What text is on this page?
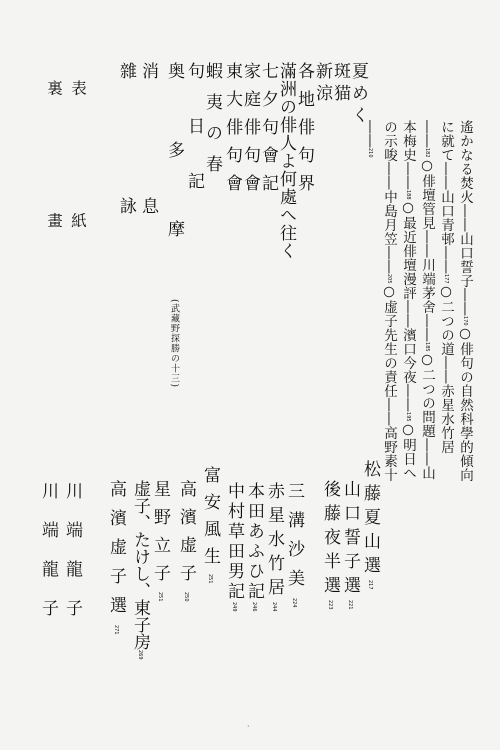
遙かなる焚火――山口誓子――170○俳句の自然科學的傾向に就て――山口青邨――177○二つの道――赤星水竹居――182○俳壇管見――川端茅舍――185○二つの問題――山本梅史――188○最近俳壇漫評――濱口今夜――195○明日への示唆――中島月笠――205○虚子先生の責任――高野素十――210
夏めく
斑猫
新涼
各地俳句界
滿洲の俳人よ何處へ往く
七夕句會記
家庭俳句會
東大俳句會
蝦夷の春
句日記
奥多摩(武藏野探勝の十三)
消息
雜詠
表紙
裏畫
松藤夏山選217
山口誓子選221
後藤夜半選223
三溝沙美224
赤星水竹居244
本田あふひ記246
中村草田男記249
富安風生251
高濱虚子250
星野立子251
虚子、たけし、東子房269
高濱虚子選271
川端龍子
川端龍子
·
